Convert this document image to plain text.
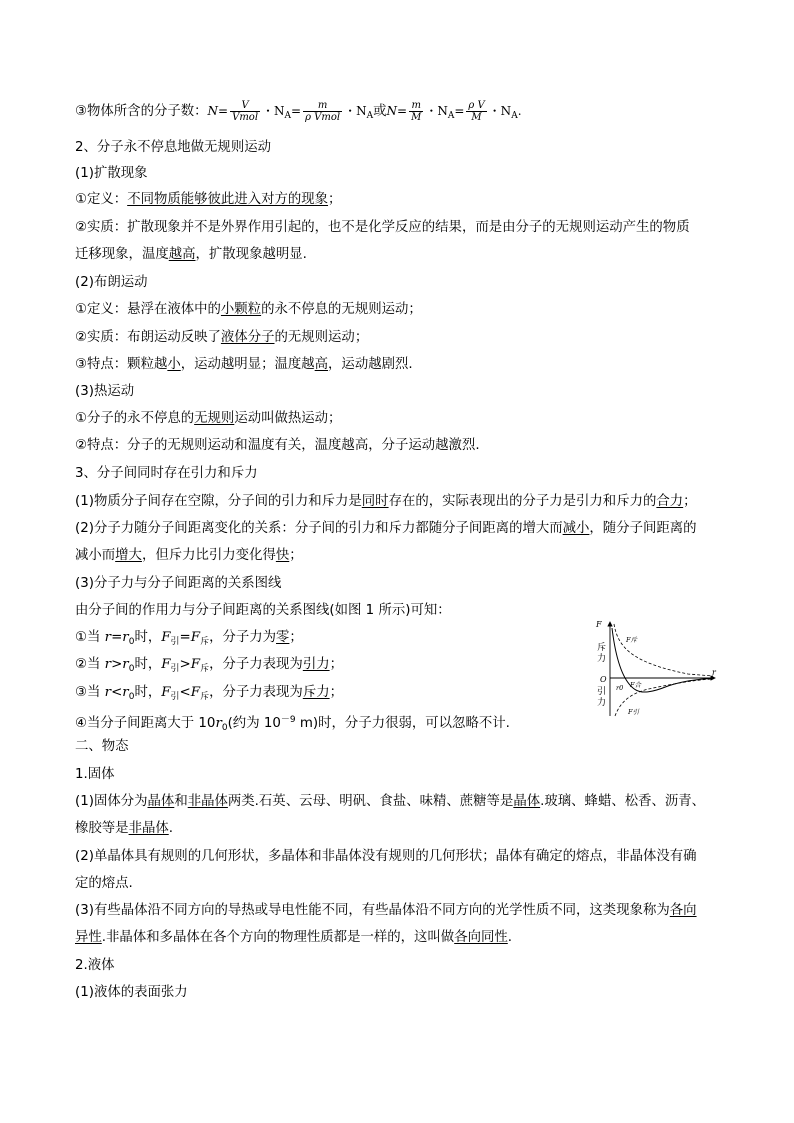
③物体所含的分子数：$N= \frac{V}{\text{Vmol}}$ ・$N_A= \frac{m}{\text{ρ Vmol}}$ ・$N_A$或$N= \frac{m}{M}$ ・$N_A= \frac{\text{ρ V}}{M}$ ・$N_A$.
2、分子永不停息地做无规则运动
(1)扩散现象
①定义：不同物质能够彼此进入对方的现象；
②实质：扩散现象并不是外界作用引起的，也不是化学反应的结果，而是由分子的无规则运动产生的物质
迁移现象，温度越高，扩散现象越明显.
(2)布朗运动
①定义：悬浮在液体中的小颗粒的永不停息的无规则运动；
②实质：布朗运动反映了液体分子的无规则运动；
③特点：颗粒越小，运动越明显；温度越高，运动越剧烈.
(3)热运动
①分子的永不停息的无规则运动叫做热运动；
②特点：分子的无规则运动和温度有关，温度越高，分子运动越激烈.
3、分子间同时存在引力和斥力
(1)物质分子间存在空隙，分子间的引力和斥力是同时存在的，实际表现出的分子力是引力和斥力的合力；
(2)分子力随分子间距离变化的关系：分子间的引力和斥力都随分子间距离的增大而减小，随分子间距离的
减小而增大，但斥力比引力变化得快；
(3)分子力与分子间距离的关系图线
由分子间的作用力与分子间距离的关系图线(如图 1 所示)可知：
①当 $r=r_0$时，$F_引=F_斥$，分子力为零；
②当 $r>r_0$时，$F_引>F_斥$，分子力表现为引力；
③当 $r<r_0$时，$F_引<F_斥$，分子力表现为斥力；
④当分子间距离大于 $10r_0$(约为 $10^{-9}$ m)时，分子力很弱，可以忽略不计.
二、物态
1.固体
(1)固体分为晶体和非晶体两类.石英、云母、明矾、食盐、味精、蔗糖等是晶体.玻璃、蜂蜡、松香、沥青、
橡胶等是非晶体.
(2)单晶体具有规则的几何形状，多晶体和非晶体没有规则的几何形状；晶体有确定的熔点，非晶体没有确
定的熔点.
(3)有些晶体沿不同方向的导热或导电性能不同，有些晶体沿不同方向的光学性质不同，这类现象称为各向
异性.非晶体和多晶体在各个方向的物理性质都是一样的，这叫做各向同性.
2.液体
(1)液体的表面张力
F
r
O
斥
力
引
力
F斥
r0 F合
F引
